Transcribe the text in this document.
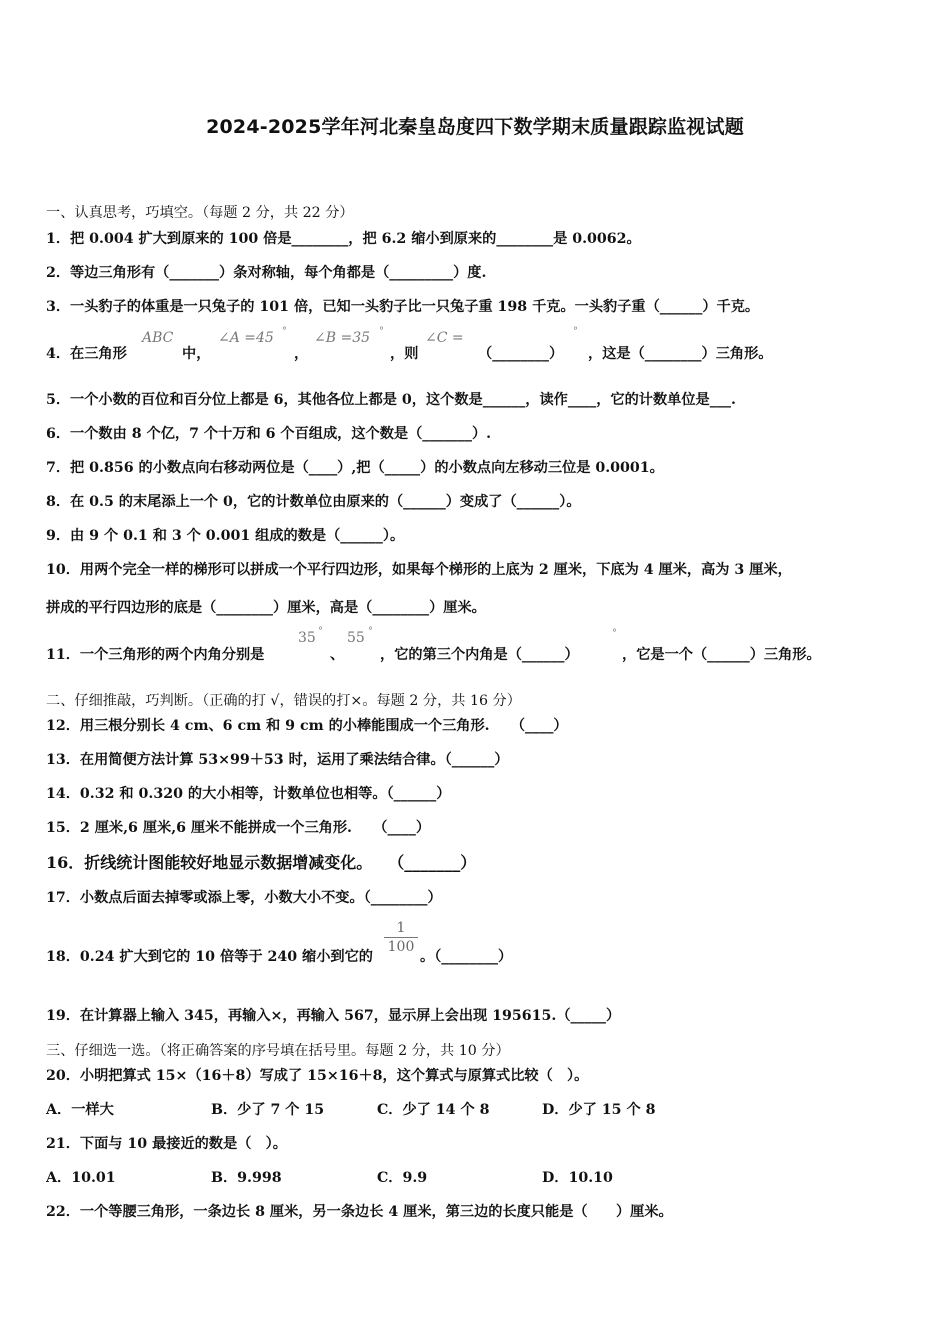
2024-2025学年河北秦皇岛度四下数学期末质量跟踪监视试题
一、认真思考，巧填空。（每题 2 分，共 22 分）
1．把 0.004 扩大到原来的 100 倍是________，把 6.2 缩小到原来的________是 0.0062。
2．等边三角形有（_______）条对称轴，每个角都是（_________）度.
3．一头豹子的体重是一只兔子的 101 倍，已知一头豹子比一只兔子重 198 千克。一头豹子重（______）千克。
4．在三角形
ABC
中，
∠A =45 °
，
∠B =35 °
，则
∠C =
（________）
°
，这是（________）三角形。
5．一个小数的百位和百分位上都是 6，其他各位上都是 0，这个数是______，读作____，它的计数单位是___.
6．一个数由 8 个亿，7 个十万和 6 个百组成，这个数是（_______）.
7．把 0.856 的小数点向右移动两位是（____）,把（_____）的小数点向左移动三位是 0.0001。
8．在 0.5 的末尾添上一个 0，它的计数单位由原来的（______）变成了（______）。
9．由 9 个 0.1 和 3 个 0.001 组成的数是（______）。
10．用两个完全一样的梯形可以拼成一个平行四边形，如果每个梯形的上底为 2 厘米，下底为 4 厘米，高为 3 厘米，
拼成的平行四边形的底是（________）厘米，高是（________）厘米。
11．一个三角形的两个内角分别是
35 °
、
55 °
，它的第三个内角是（______）
°
，它是一个（______）三角形。
二、仔细推敲，巧判断。（正确的打 √，错误的打×。每题 2 分，共 16 分）
12．用三根分别长 4 cm、6 cm 和 9 cm 的小棒能围成一个三角形.　　（____）
13．在用简便方法计算 53×99＋53 时，运用了乘法结合律。（______）
14．0.32 和 0.320 的大小相等，计数单位也相等。（______）
15．2 厘米,6 厘米,6 厘米不能拼成一个三角形.　　（____）
16．折线统计图能较好地显示数据增减变化。　　（_______）
17．小数点后面去掉零或添上零，小数大小不变。（________）
18．0.24 扩大到它的 10 倍等于 240 缩小到它的
1
100
。（________）
19．在计算器上输入 345，再输入×，再输入 567，显示屏上会出现 195615.（_____）
三、仔细选一选。（将正确答案的序号填在括号里。每题 2 分，共 10 分）
20．小明把算式 15×（16＋8）写成了 15×16＋8，这个算式与原算式比较（　）。
A．一样大	B．少了 7 个 15	C．少了 14 个 8	D．少了 15 个 8
21．下面与 10 最接近的数是（　）。
A．10.01	B．9.998	C．9.9	D．10.10
22．一个等腰三角形，一条边长 8 厘米，另一条边长 4 厘米，第三边的长度只能是（　　）厘米。
